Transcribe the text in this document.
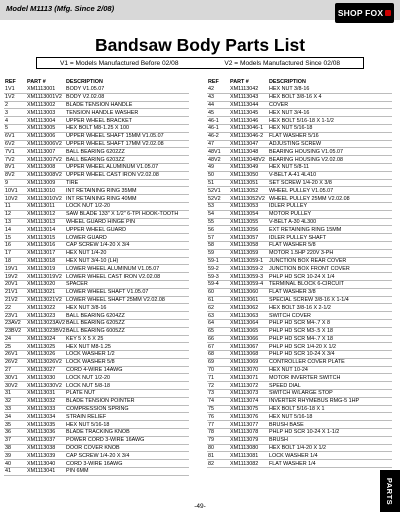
Model M1113 (Mfg. Since 2/08)	SHOP FOX
Bandsaw Body Parts List
V1 = Models Manufactured Before 02/08	V2 = Models Manufactured Since 02/08
REF	PART #	DESCRIPTION
1V1	XM1113001	BODY V1.05.07
1V2	XM1113001V2 BODY V2.02.08
2	XM1113002	BLADE TENSION HANDLE
3	XM1113003	TENSION HANDLE WASHER
4	XM1113004	UPPER WHEEL BRACKET
5	XM1113005	HEX BOLT M8-1.25 X 100
6V1	XM1113006	UPPER WHEEL SHAFT 15MM V1.05.07
6V2	XM1113006V2 UPPER WHEEL SHAFT 17MM V2.02.08
7V1	XM1113007	BALL BEARING 6202ZZ
7V2	XM1113007V2 BALL BEARING 6203ZZ
8V1	XM1113008	UPPER WHEEL ALUMINUM V1.05.07
8V2	XM1113008V2 UPPER WHEEL CAST IRON V2.02.08
9	XM1113009	TIRE
10V1	XM1113010	INT RETAINING RING 35MM
10V2	XM1113010V2 INT RETAINING RING 40MM
11	XM1113011	LOCK NUT 1/2-20
12	XM1113012	SAW BLADE 133" X 1/2" 6-TPI HOOK-TOOTH
13	XM1113013	WHEEL GUARD HINGE PIN
14	XM1113014	UPPER WHEEL GUARD
15	XM1113015	LOWER GUARD
16	XM1113016	CAP SCREW 1/4-20 X 3/4
17	XM1113017	HEX NUT 1/4-20
18	XM1113018	HEX NUT 3/4-10 (LH)
19V1	XM1113019	LOWER WHEEL ALUMINUM V1.05.07
19V2	XM1113019V2 LOWER WHEEL CAST IRON V2.02.08
20V1	XM1113020	SPACER
21V1	XM1113021	LOWER WHEEL SHAFT V1.05.07
21V2	XM1113021V2 LOWER WHEEL SHAFT 25MM V2.02.08
22	XM1113022	HEX NUT 3/8-16
23V1	XM1113023	BALL BEARING 6204ZZ
23AV2	XM1113023AV2 BALL BEARING 6205ZZ
23BV2	XM1113023BV2 BALL BEARING 6005ZZ
24	XM1113024	KEY 5 X 5 X 25
25	XM1113025	HEX NUT M8-1.25
26V1	XM1113026	LOCK WASHER 1/2
26V2	XM1113026V2 LOCK WASHER 5/8
27	XM1113027	CORD 4-WIRE 14AWG
30V1	XM1113030	LOCK NUT 1/2-20
30V2	XM1113030V2 LOCK NUT 5/8-18
31	XM1113031	PLATE NUT
32	XM1113032	BLADE TENSION POINTER
33	XM1113033	COMPRESSION SPRING
34	XM1113034	STRAIN RELIEF
35	XM1113035	HEX NUT 5/16-18
36	XM1113036	BLADE TRACKING KNOB
37	XM1113037	POWER CORD 3-WIRE 16AWG
38	XM1113038	DOOR COVER KNOB
39	XM1113039	CAP SCREW 1/4-20 X 3/4
40	XM1113040	CORD 3-WIRE 16AWG
41	XM1113041	PIN 6MM
REF	PART #	DESCRIPTION
42	XM1113042	HEX NUT 3/8-16
43	XM1113043	HEX BOLT 3/8-16 X 4
44	XM1113044	COVER
45	XM1113045	HEX NUT 3/4-16
46-1	XM1113046	HEX BOLT 5/16-18 X 1-1/2
46-1	XM1113046-1	HEX NUT 5/16-18
46-2	XM1113046-2	FLAT WASHER 5/16
47	XM1113047	ADJUSTING SCREW
48V1	XM1113048	BEARING HOUSING V1.05.07
48V2	XM1113048V2 BEARING HOUSING V2.02.08
49	XM1113049	HEX NUT 5/8-11
50	XM1113050	V-BELT A-41 4L410
51	XM1113051	SET SCREW 1/4-20 X 3/8
52V1	XM1113052	WHEEL PULLEY V1.05.07
52V2	XM1113052V2 WHEEL PULLEY 25MM V2.02.08
53	XM1113053	IDLER PULLEY
54	XM1113054	MOTOR PULLEY
55	XM1113055	V-BELT A-30 4L300
56	XM1113056	EXT RETAINING RING 15MM
57	XM1113057	IDLER PULLEY SHAFT
58	XM1113058	FLAT WASHER 5/8
59	XM1113059	MOTOR 1.5HP 220V 3-PH
59-1	XM1113059-1	JUNCTION BOX REAR COVER
59-2	XM1113059-2	JUNCTION BOX FRONT COVER
59-3	XM1113059-3	PHLP HD SCR 10-24 X 1/4
59-4	XM1113059-4	TERMINAL BLOCK 6-CIRCUIT
60	XM1113060	FLAT WASHER 3/8
61	XM1113061	SPECIAL SCREW 3/8-16 X 1-1/4
62	XM1113062	HEX BOLT 3/8-16 X 2-1/2
63	XM1113063	SWITCH COVER
64	XM1113064	PHLP HD SCR M4-.7 X 8
65	XM1113065	PHLP HD SCR M3-.5 X 18
66	XM1113066	PHLP HD SCR M4-.7 X 18
67	XM1113067	PHLP HD SCR 1/4-20 X 1/2
68	XM1113068	PHLP HD SCR 10-24 X 3/4
69	XM1113069	CONTROLLER COVER PLATE
70	XM1113070	HEX NUT 10-24
71	XM1113071	MOTOR INVERTER SWITCH
72	XM1113072	SPEED DIAL
73	XM1113073	SWITCH W/LARGE STOP
74	XM1113074	INVERTER RHYMEBUS RMG-5 1HP
75	XM1113075	HEX BOLT 5/16-18 X 1
76	XM1113076	HEX NUT 5/16-18
77	XM1113077	BRUSH BASE
78	XM1113078	PHLP HD SCR 10-24 X 1-1/2
79	XM1113079	BRUSH
80	XM1113080	HEX BOLT 1/4-20 X 1/2
81	XM1113081	LOCK WASHER 1/4
82	XM1113082	FLAT WASHER 1/4
PARTS
-49-
